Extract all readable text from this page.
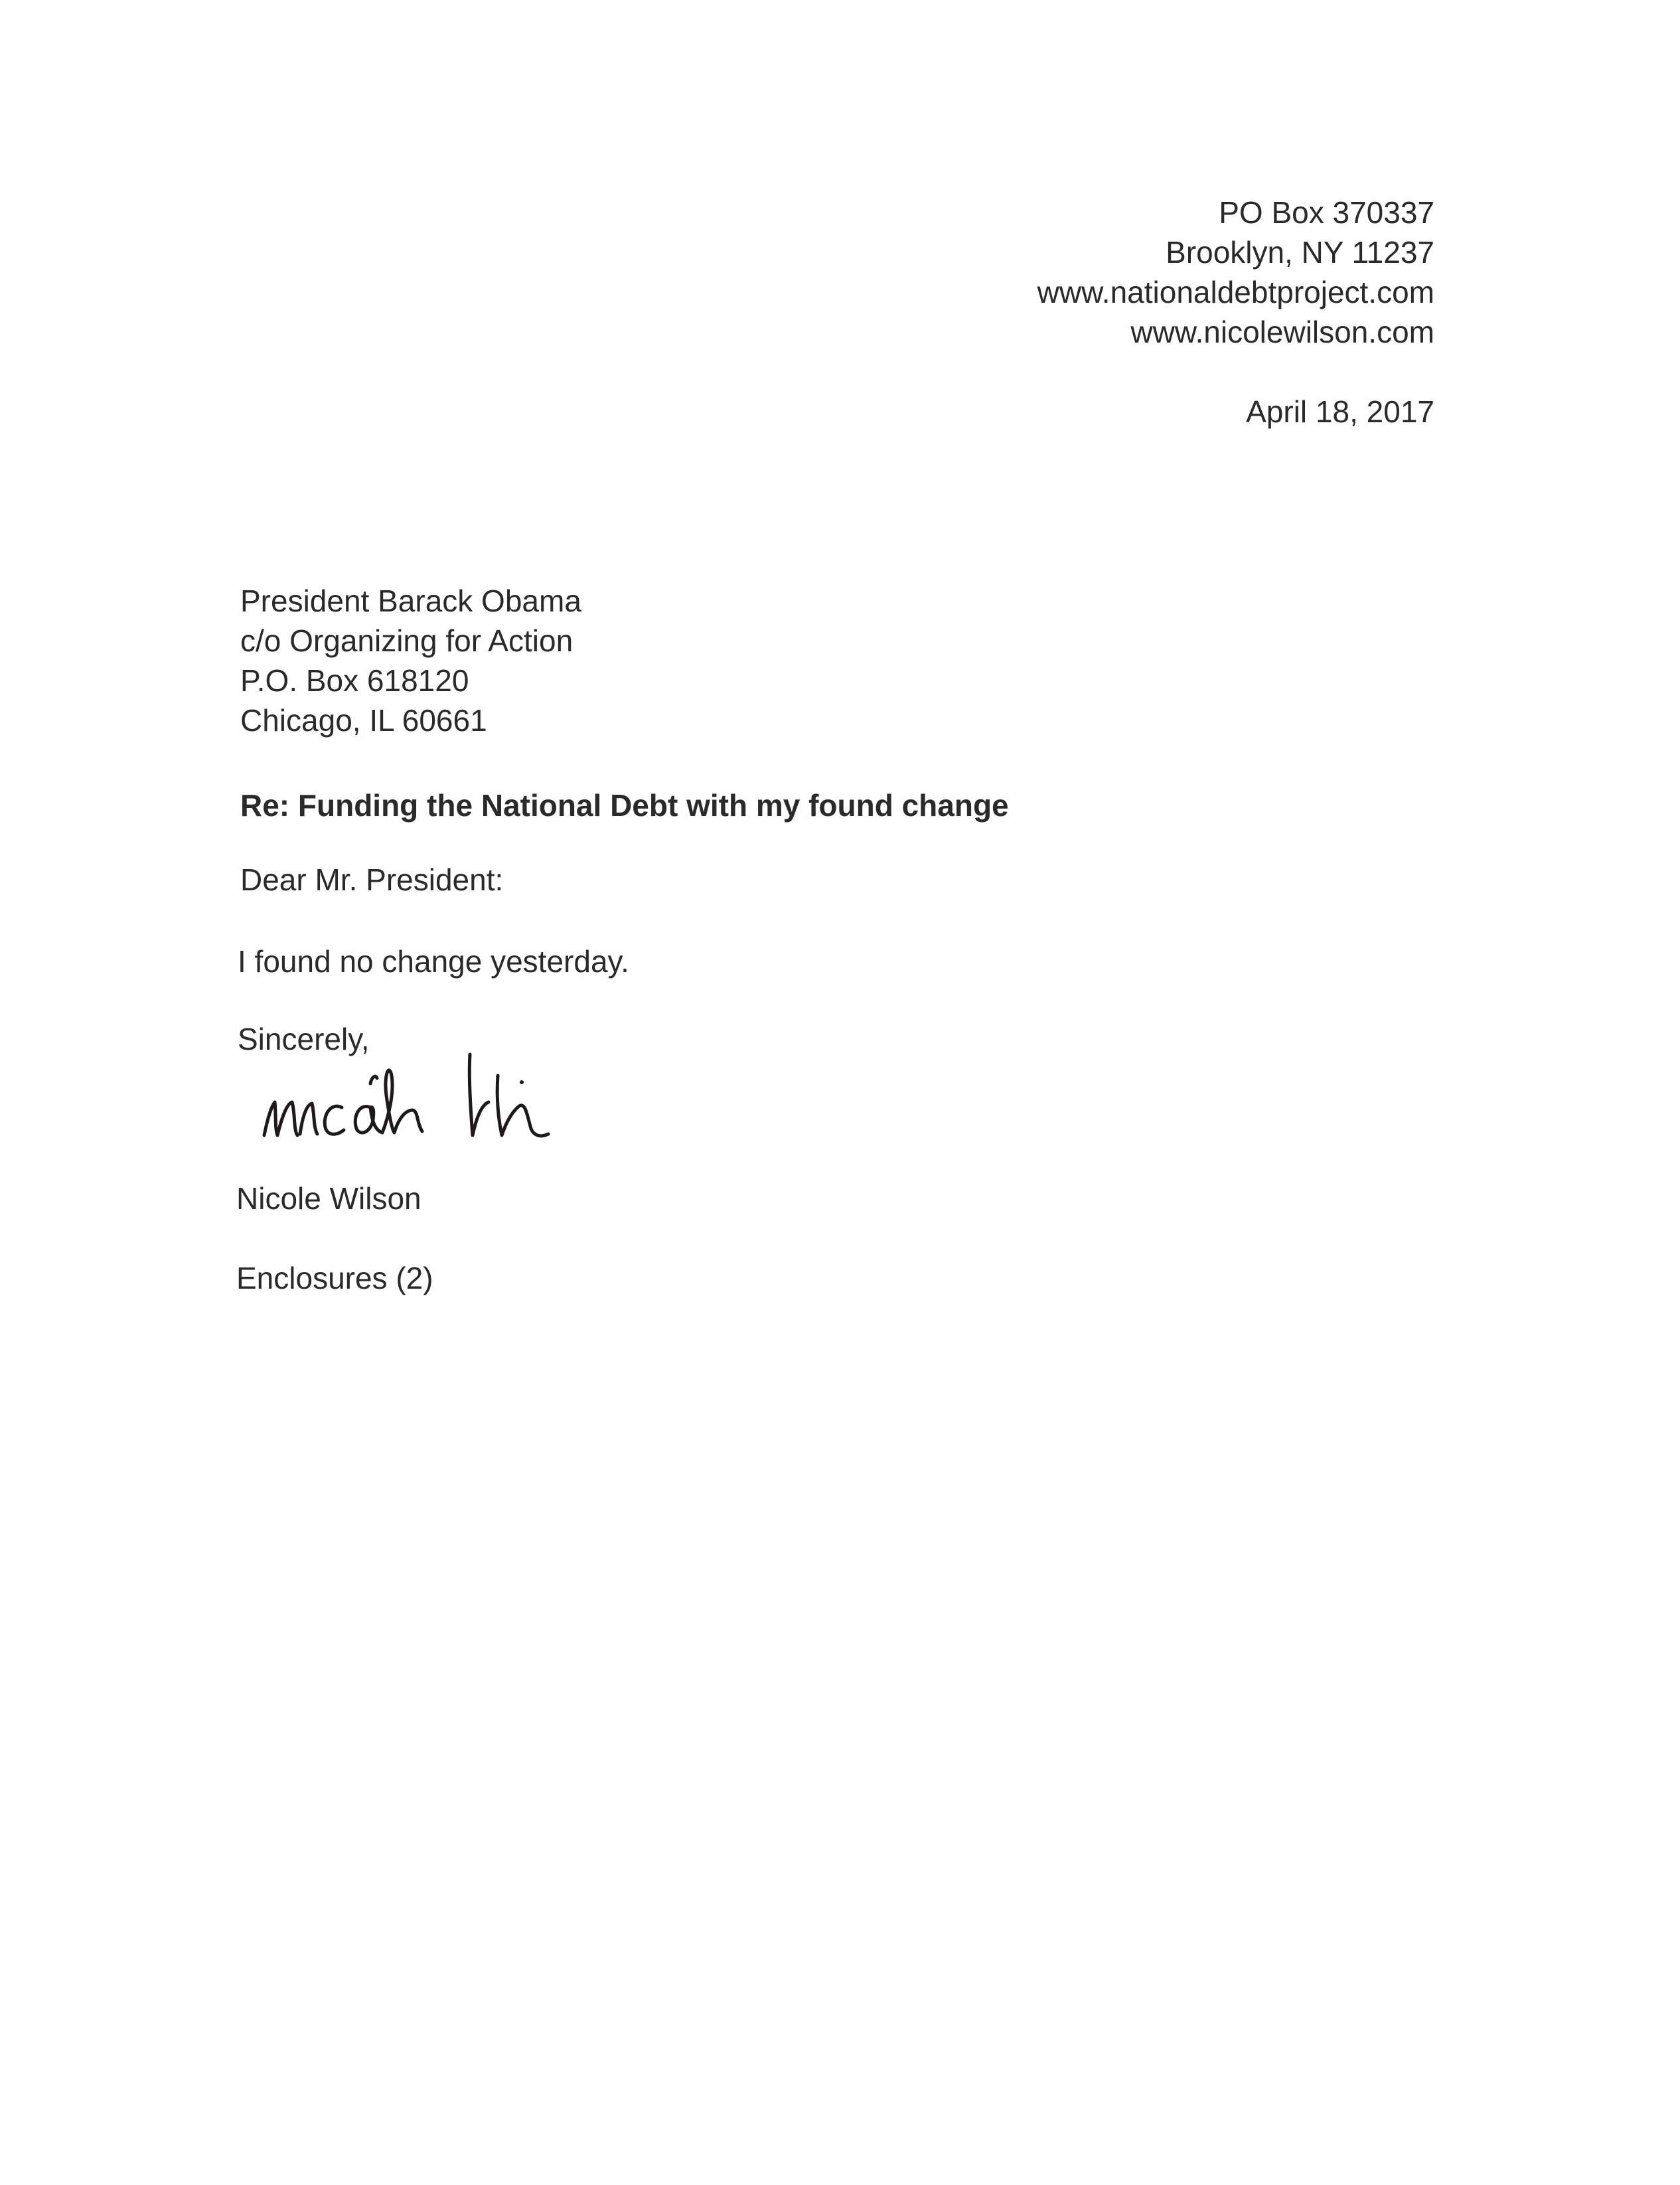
PO Box 370337
Brooklyn, NY 11237
www.nationaldebtproject.com
www.nicolewilson.com
April 18, 2017
President Barack Obama
c/o Organizing for Action
P.O. Box 618120
Chicago, IL 60661
Re: Funding the National Debt with my found change
Dear Mr. President:
I found no change yesterday.
Sincerely,
Nicole Wilson
Enclosures (2)
